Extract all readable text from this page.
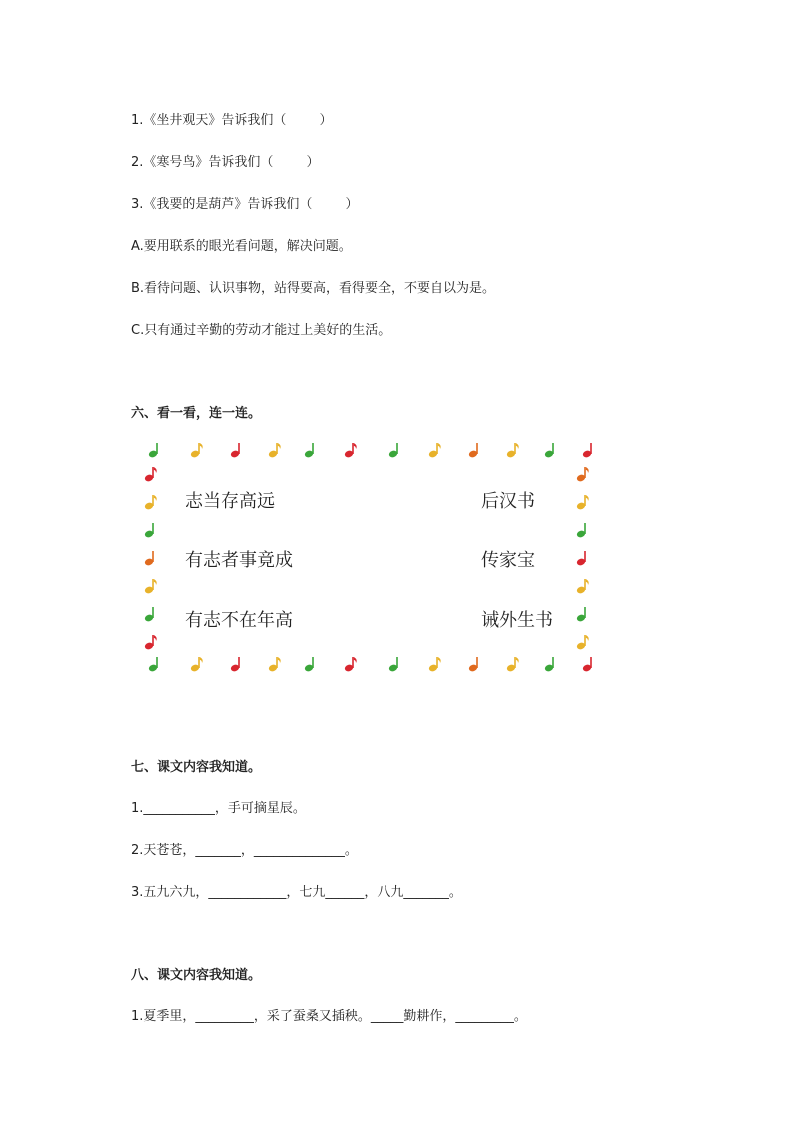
1.《坐井观天》告诉我们（        ）
2.《寒号鸟》告诉我们（        ）
3.《我要的是葫芦》告诉我们（        ）
A.要用联系的眼光看问题，解决问题。
B.看待问题、认识事物，站得要高，看得要全，不要自以为是。
C.只有通过辛勤的劳动才能过上美好的生活。
六、看一看，连一连。
志当存高远
有志者事竟成
有志不在年高
后汉书
传家宝
诫外生书
七、课文内容我知道。
1.___________，手可摘星辰。
2.天苍苍，_______，______________。
3.五九六九，____________，七九______，八九_______。
八、课文内容我知道。
1.夏季里，_________，采了蚕桑又插秧。_____勤耕作，_________。
